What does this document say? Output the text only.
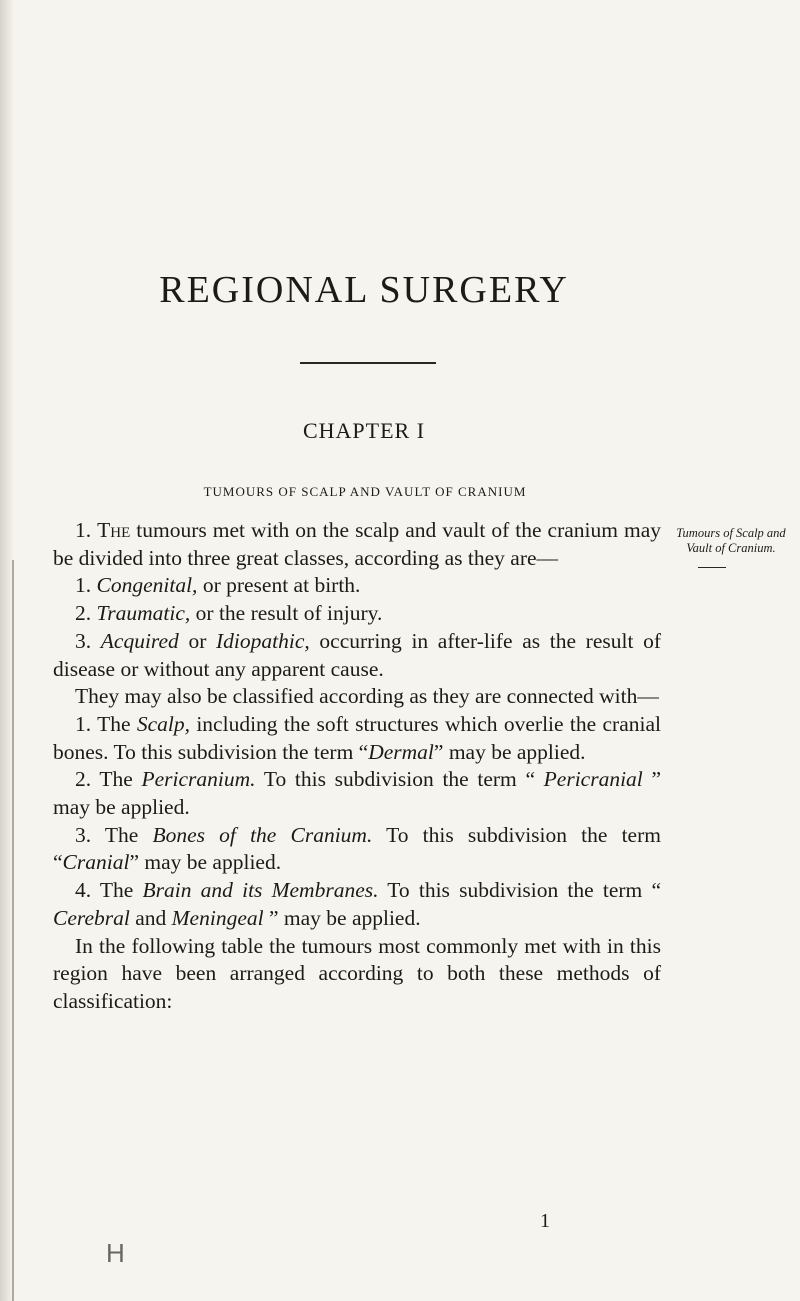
REGIONAL SURGERY
CHAPTER I
TUMOURS OF SCALP AND VAULT OF CRANIUM
Tumours of Scalp and Vault of Cranium.

1. The tumours met with on the scalp and vault of the cranium may be divided into three great classes, according as they are—

1. Congenital, or present at birth.

2. Traumatic, or the result of injury.

3. Acquired or Idiopathic, occurring in after-life as the result of disease or without any apparent cause.

They may also be classified according as they are connected with—

1. The Scalp, including the soft structures which overlie the cranial bones. To this subdivision the term “Dermal” may be applied.

2. The Pericranium. To this subdivision the term “ Pericranial ” may be applied.

3. The Bones of the Cranium. To this subdivision the term “Cranial” may be applied.

4. The Brain and its Membranes. To this subdivision the term “ Cerebral and Meningeal ” may be applied.

In the following table the tumours most commonly met with in this region have been arranged according to both these methods of classification:

1
H
